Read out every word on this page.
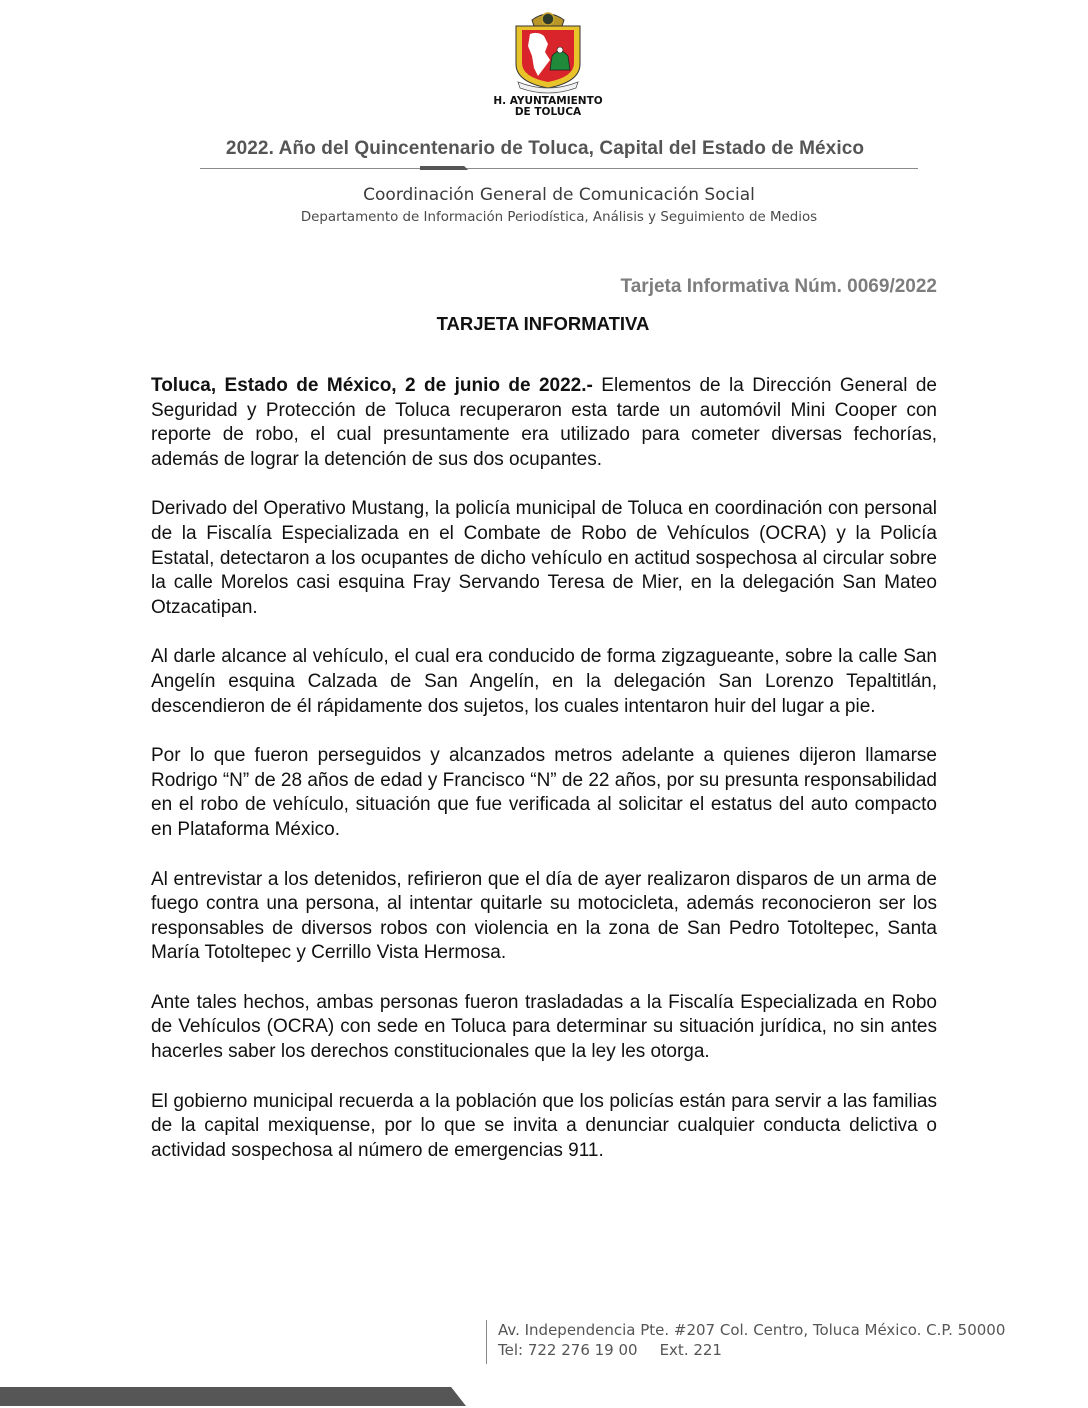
H. AYUNTAMIENTO
DE TOLUCA
2022. Año del Quincentenario de Toluca, Capital del Estado de México
Coordinación General de Comunicación Social
Departamento de Información Periodística, Análisis y Seguimiento de Medios
Tarjeta Informativa Núm. 0069/2022
TARJETA INFORMATIVA

Toluca, Estado de México, 2 de junio de 2022.- Elementos de la Dirección General de Seguridad y Protección de Toluca recuperaron esta tarde un automóvil Mini Cooper con reporte de robo, el cual presuntamente era utilizado para cometer diversas fechorías, además de lograr la detención de sus dos ocupantes.

Derivado del Operativo Mustang, la policía municipal de Toluca en coordinación con personal de la Fiscalía Especializada en el Combate de Robo de Vehículos (OCRA) y la Policía Estatal, detectaron a los ocupantes de dicho vehículo en actitud sospechosa al circular sobre la calle Morelos casi esquina Fray Servando Teresa de Mier, en la delegación San Mateo Otzacatipan.

Al darle alcance al vehículo, el cual era conducido de forma zigzagueante, sobre la calle San Angelín esquina Calzada de San Angelín, en la delegación San Lorenzo Tepaltitlán, descendieron de él rápidamente dos sujetos, los cuales intentaron huir del lugar a pie.

Por lo que fueron perseguidos y alcanzados metros adelante a quienes dijeron llamarse Rodrigo “N” de 28 años de edad y Francisco “N” de 22 años, por su presunta responsabilidad en el robo de vehículo, situación que fue verificada al solicitar el estatus del auto compacto en Plataforma México.

Al entrevistar a los detenidos, refirieron que el día de ayer realizaron disparos de un arma de fuego contra una persona, al intentar quitarle su motocicleta, además reconocieron ser los responsables de diversos robos con violencia en la zona de San Pedro Totoltepec, Santa María Totoltepec y Cerrillo Vista Hermosa.

Ante tales hechos, ambas personas fueron trasladadas a la Fiscalía Especializada en Robo de Vehículos (OCRA) con sede en Toluca para determinar su situación jurídica, no sin antes hacerles saber los derechos constitucionales que la ley les otorga.

El gobierno municipal recuerda a la población que los policías están para servir a las familias de la capital mexiquense, por lo que se invita a denunciar cualquier conducta delictiva o actividad sospechosa al número de emergencias 911.

Av. Independencia Pte. #207 Col. Centro, Toluca México. C.P. 50000
Tel: 722 276 19 00 Ext. 221
